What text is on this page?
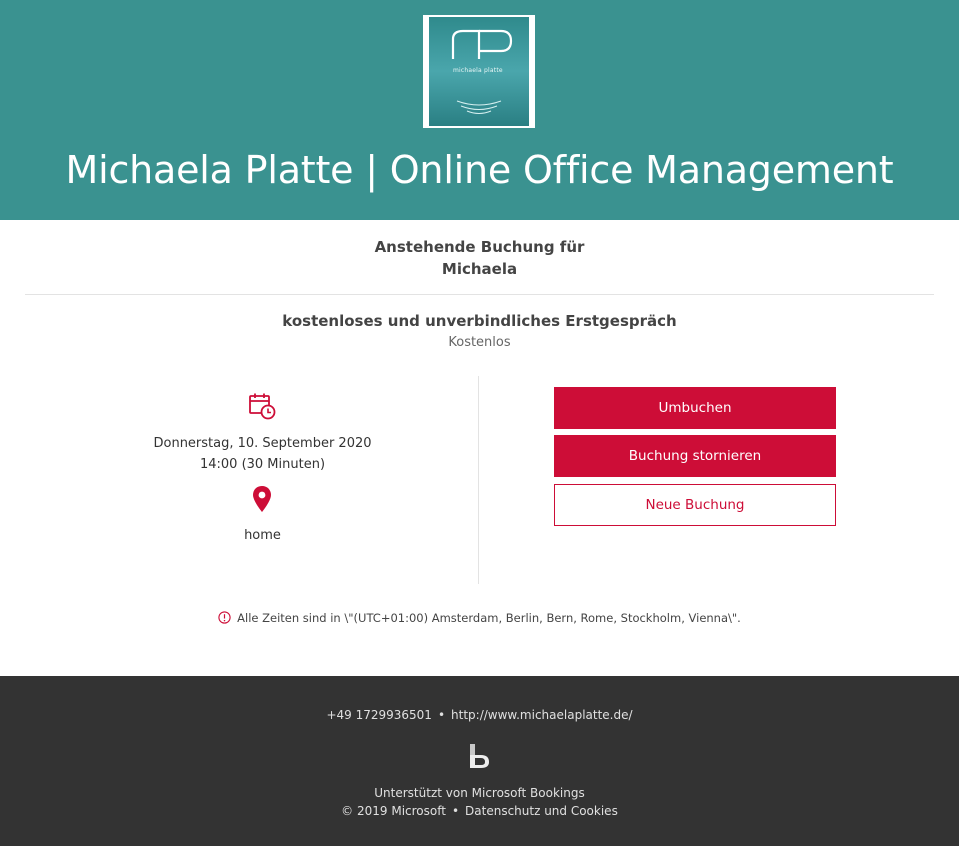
michaela platte
Michaela Platte | Online Office Management
Anstehende Buchung für
Michaela
kostenloses und unverbindliches Erstgespräch
Kostenlos
Donnerstag, 10. September 2020
14:00 (30 Minuten)
home
Umbuchen
Buchung stornieren
Neue Buchung
Alle Zeiten sind in \"(UTC+01:00) Amsterdam, Berlin, Bern, Rome, Stockholm, Vienna\".
+49 1729936501 • http://www.michaelaplatte.de/
Unterstützt von Microsoft Bookings
© 2019 Microsoft • Datenschutz und Cookies
